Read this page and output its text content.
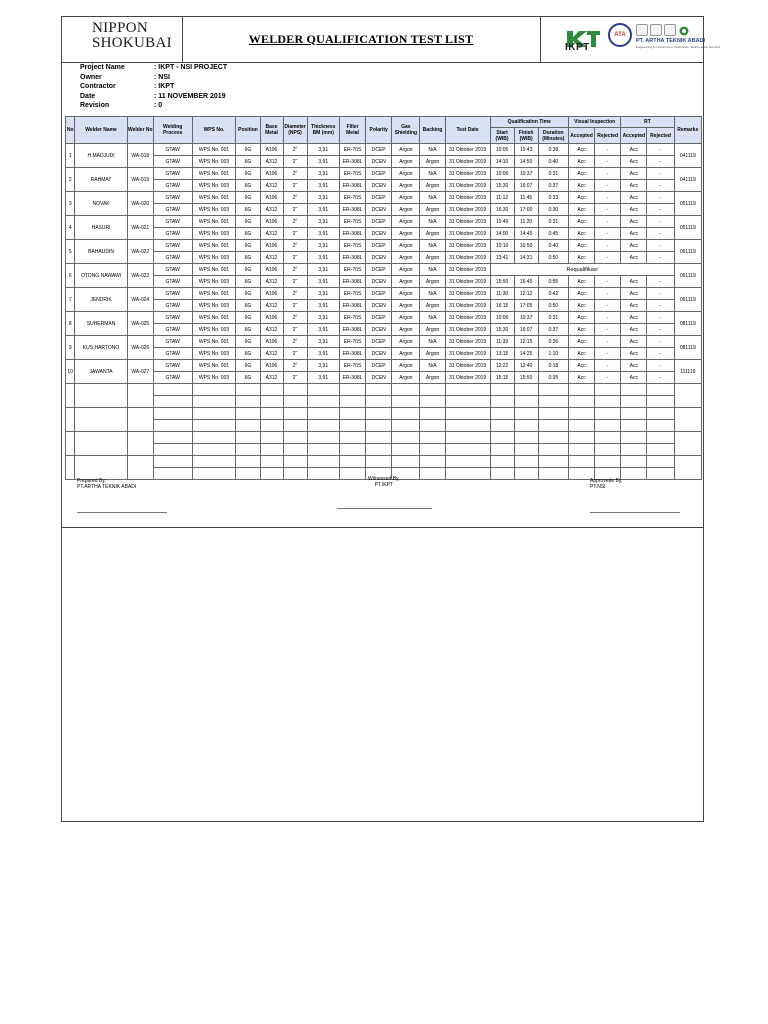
NIPPON
SHOKUBAI	WELDER QUALIFICATION TEST LIST
IKPT
ATA
PT. ARTHA TEKNIK ABADI
Engineering & Construction, Fabrication, Maintenance Services
Project Name	: IKPT - NSI PROJECT
Owner	: NSI
Contractor	: IKPT
Date	: 11 NOVEMBER 2019
Revision	: 0
No	Welder Name	Welder No	Welding Process	WPS No.	Position	Base Metal	Diameter (NPS)	Thickness BM (mm)	Filler Metal	Polarity	Gas Shielding	Backing	Test Date	Qualification Time			Visual Inspection		RT		Remarks
														Start (WIB)	Finish (WIB)	Duration (Minutes)	Accepted	Rejected	Accepted	Rejected	
1	H.MADJUDI	WA-018	GTAW	WPS No. 001	6G	A106	2"	3,91	ER-70S	DCEP	Argon	N/A	31 Oktober 2019	10:05	10:43	0:38	Acc	-	Acc	-	041119
			GTAW	WPS No. 003	6G	A312	2"	3,91	ER-308L	DCEN	Argon	Argon	31 Oktober 2019	14:10	14:50	0:40	Acc	-	Acc	-	
2	RAHMAT	WA-019	GTAW	WPS No. 001	6G	A106	2"	3,91	ER-70S	DCEP	Argon	N/A	31 Oktober 2019	10:06	10:37	0:31	Acc	-	Acc	-	041119
			GTAW	WPS No. 003	6G	A312	2"	3,91	ER-308L	DCEN	Argon	Argon	31 Oktober 2019	15:30	16:07	0:37	Acc	-	Acc	-	
3	NOVAK	WA-020	GTAW	WPS No. 001	6G	A106	2"	3,91	ER-70S	DCEP	Argon	N/A	31 Oktober 2019	11:12	11:45	0:33	Acc	-	Acc	-	051119
			GTAW	WPS No. 003	6G	A312	2"	3,91	ER-308L	DCEN	Argon	Argon	31 Oktober 2019	16:30	17:00	0:30	Acc	-	Acc	-	
4	HASURI	WA-021	GTAW	WPS No. 001	6G	A106	2"	3,91	ER-70S	DCEP	Argon	N/A	31 Oktober 2019	10:49	11:20	0:31	Acc	-	Acc	-	051119
			GTAW	WPS No. 003	6G	A312	2"	3,91	ER-308L	DCEN	Argon	Argon	31 Oktober 2019	14:00	14:45	0:45	Acc	-	Acc	-	
5	BAHAUDIN	WA-022	GTAW	WPS No. 001	6G	A106	2"	3,91	ER-70S	DCEP	Argon	N/A	31 Oktober 2019	10:10	10:50	0:40	Acc	-	Acc	-	061119
			GTAW	WPS No. 003	6G	A312	2"	3,91	ER-308L	DCEN	Argon	Argon	31 Oktober 2019	13:41	14:31	0:50	Acc	-	Acc	-	
6	OTONG NAWAWI	WA-023	GTAW	WPS No. 001	6G	A106	2"	3,91	ER-70S	DCEP	Argon	N/A	31 Oktober 2019	Requalifikasi							061119
			GTAW	WPS No. 003	6G	A312	2"	3,91	ER-308L	DCEN	Argon	Argon	31 Oktober 2019	15:50	16:45	0:55	Acc	-	Acc	-	
7	JENDRIK	WA-024	GTAW	WPS No. 001	6G	A106	2"	3,91	ER-70S	DCEP	Argon	N/A	31 Oktober 2019	11:30	12:12	0:42	Acc	-	Acc	-	061119
			GTAW	WPS No. 003	6G	A312	2"	3,91	ER-308L	DCEN	Argon	Argon	31 Oktober 2019	16:15	17:05	0:50	Acc	-	Acc	-	
8	SUHERMAN	WA-025	GTAW	WPS No. 001	6G	A106	2"	3,91	ER-70S	DCEP	Argon	N/A	31 Oktober 2019	10:06	10:37	0:31	Acc	-	Acc	-	081119
			GTAW	WPS No. 003	6G	A312	2"	3,91	ER-308L	DCEN	Argon	Argon	31 Oktober 2019	15:30	16:07	0:37	Acc	-	Acc	-	
9	KUS HARTONO	WA-026	GTAW	WPS No. 001	6G	A106	2"	3,91	ER-70S	DCEP	Argon	N/A	31 Oktober 2019	11:39	12:15	0:36	Acc	-	Acc	-	081119
			GTAW	WPS No. 003	6G	A312	2"	3,91	ER-308L	DCEN	Argon	Argon	31 Oktober 2019	13:15	14:25	1:10	Acc	-	Acc	-	
10	JAWANTA	WA-027	GTAW	WPS No. 001	6G	A106	2"	3,91	ER-70S	DCEP	Argon	N/A	31 Oktober 2019	12:22	12:40	0:18	Acc	-	Acc	-	111119
			GTAW	WPS No. 003	6G	A312	2"	3,91	ER-308L	DCEN	Argon	Argon	31 Oktober 2019	15:15	15:50	0:35	Acc	-	Acc	-	

Prepared By,
PT.ARTHA TEKNIK ABADI
Witnessed By,
PT.IKPT
Approvede By,
PT.NSI
